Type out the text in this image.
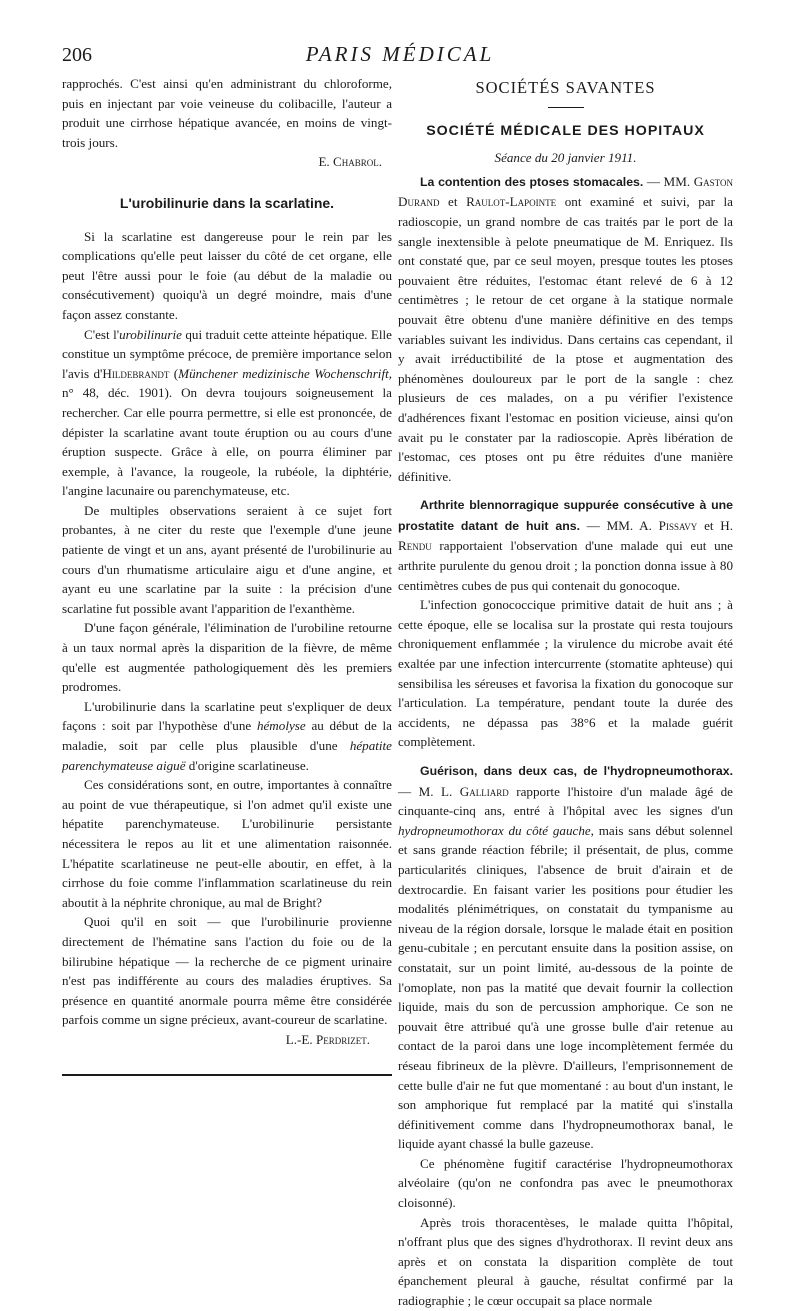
206	PARIS MÉDICAL

rapprochés. C'est ainsi qu'en administrant du chloroforme, puis en injectant par voie veineuse du colibacille, l'auteur a produit une cirrhose hépatique avancée, en moins de vingt-trois jours.

E. Chabrol.

L'urobilinurie dans la scarlatine.

Si la scarlatine est dangereuse pour le rein par les complications qu'elle peut laisser du côté de cet organe, elle peut l'être aussi pour le foie (au début de la maladie ou consécutivement) quoiqu'à un degré moindre, mais d'une façon assez constante.

C'est l'urobilinurie qui traduit cette atteinte hépatique. Elle constitue un symptôme précoce, de première importance selon l'avis d'Hildebrandt (Münchener medizinische Wochenschrift, n° 48, déc. 1901). On devra toujours soigneusement la rechercher. Car elle pourra permettre, si elle est prononcée, de dépister la scarlatine avant toute éruption ou au cours d'une éruption suspecte. Grâce à elle, on pourra éliminer par exemple, à l'avance, la rougeole, la rubéole, la diphtérie, l'angine lacunaire ou parenchymateuse, etc.

De multiples observations seraient à ce sujet fort probantes, à ne citer du reste que l'exemple d'une jeune patiente de vingt et un ans, ayant présenté de l'urobilinurie au cours d'un rhumatisme articulaire aigu et d'une angine, et ayant eu une scarlatine par la suite : la précision d'une scarlatine fut possible avant l'apparition de l'exanthème.

D'une façon générale, l'élimination de l'urobiline retourne à un taux normal après la disparition de la fièvre, de même qu'elle est augmentée pathologiquement dès les premiers prodromes.

L'urobilinurie dans la scarlatine peut s'expliquer de deux façons : soit par l'hypothèse d'une hémolyse au début de la maladie, soit par celle plus plausible d'une hépatite parenchymateuse aiguë d'origine scarlatineuse.

Ces considérations sont, en outre, importantes à connaître au point de vue thérapeutique, si l'on admet qu'il existe une hépatite parenchymateuse. L'urobilinurie persistante nécessitera le repos au lit et une alimentation raisonnée. L'hépatite scarlatineuse ne peut-elle aboutir, en effet, à la cirrhose du foie comme l'inflammation scarlatineuse du rein aboutit à la néphrite chronique, au mal de Bright?

Quoi qu'il en soit — que l'urobilinurie provienne directement de l'hématine sans l'action du foie ou de la bilirubine hépatique — la recherche de ce pigment urinaire n'est pas indifférente au cours des maladies éruptives. Sa présence en quantité anormale pourra même être considérée parfois comme un signe précieux, avant-coureur de scarlatine.

L.-E. Perdrizet.

SOCIÉTÉS SAVANTES

SOCIÉTÉ MÉDICALE DES HOPITAUX

Séance du 20 janvier 1911.

La contention des ptoses stomacales. — MM. Gaston Durand et Raulot-Lapointe ont examiné et suivi, par la radioscopie, un grand nombre de cas traités par le port de la sangle inextensible à pelote pneumatique de M. Enriquez. Ils ont constaté que, par ce seul moyen, presque toutes les ptoses pouvaient être réduites, l'estomac étant relevé de 6 à 12 centimètres ; le retour de cet organe à la statique normale pouvait être obtenu d'une manière définitive en des temps variables suivant les individus. Dans certains cas cependant, il y avait irréductibilité de la ptose et augmentation des phénomènes douloureux par le port de la sangle : chez plusieurs de ces malades, on a pu vérifier l'existence d'adhérences fixant l'estomac en position vicieuse, ainsi qu'on avait pu le constater par la radioscopie. Après libération de l'estomac, ces ptoses ont pu être réduites d'une manière définitive.

Arthrite blennorragique suppurée consécutive à une prostatite datant de huit ans. — MM. A. Pissavy et H. Rendu rapportaient l'observation d'une malade qui eut une arthrite purulente du genou droit ; la ponction donna issue à 80 centimètres cubes de pus qui contenait du gonocoque.

L'infection gonococcique primitive datait de huit ans ; à cette époque, elle se localisa sur la prostate qui resta toujours chroniquement enflammée ; la virulence du microbe avait été exaltée par une infection intercurrente (stomatite aphteuse) qui sensibilisa les séreuses et favorisa la fixation du gonocoque sur l'articulation. La température, pendant toute la durée des accidents, ne dépassa pas 38°6 et la malade guérit complètement.

Guérison, dans deux cas, de l'hydropneumothorax. — M. L. Galliard rapporte l'histoire d'un malade âgé de cinquante-cinq ans, entré à l'hôpital avec les signes d'un hydropneumothorax du côté gauche, mais sans début solennel et sans grande réaction fébrile; il présentait, de plus, comme particularités cliniques, l'absence de bruit d'airain et de dextrocardie. En faisant varier les positions pour étudier les modalités plénimétriques, on constatait du tympanisme au niveau de la région dorsale, lorsque le malade était en position genu-cubitale ; en percutant ensuite dans la position assise, on constatait, sur un point limité, au-dessous de la pointe de l'omoplate, non pas la matité que devait fournir la collection liquide, mais du son de percussion amphorique. Ce son ne pouvait être attribué qu'à une grosse bulle d'air retenue au contact de la paroi dans une loge incomplètement fermée du réseau fibrineux de la plèvre. D'ailleurs, l'emprisonnement de cette bulle d'air ne fut que momentané : au bout d'un instant, le son amphorique fut remplacé par la matité qui s'installa définitivement comme dans l'hydropneumothorax banal, le liquide ayant chassé la bulle gazeuse.

Ce phénomène fugitif caractérise l'hydropneumothorax alvéolaire (qu'on ne confondra pas avec le pneumothorax cloisonné).

Après trois thoracentèses, le malade quitta l'hôpital, n'offrant plus que des signes d'hydrothorax. Il revint deux ans après et on constata la disparition complète de tout épanchement pleural à gauche, résultat confirmé par la radiographie ; le cœur occupait sa place normale
